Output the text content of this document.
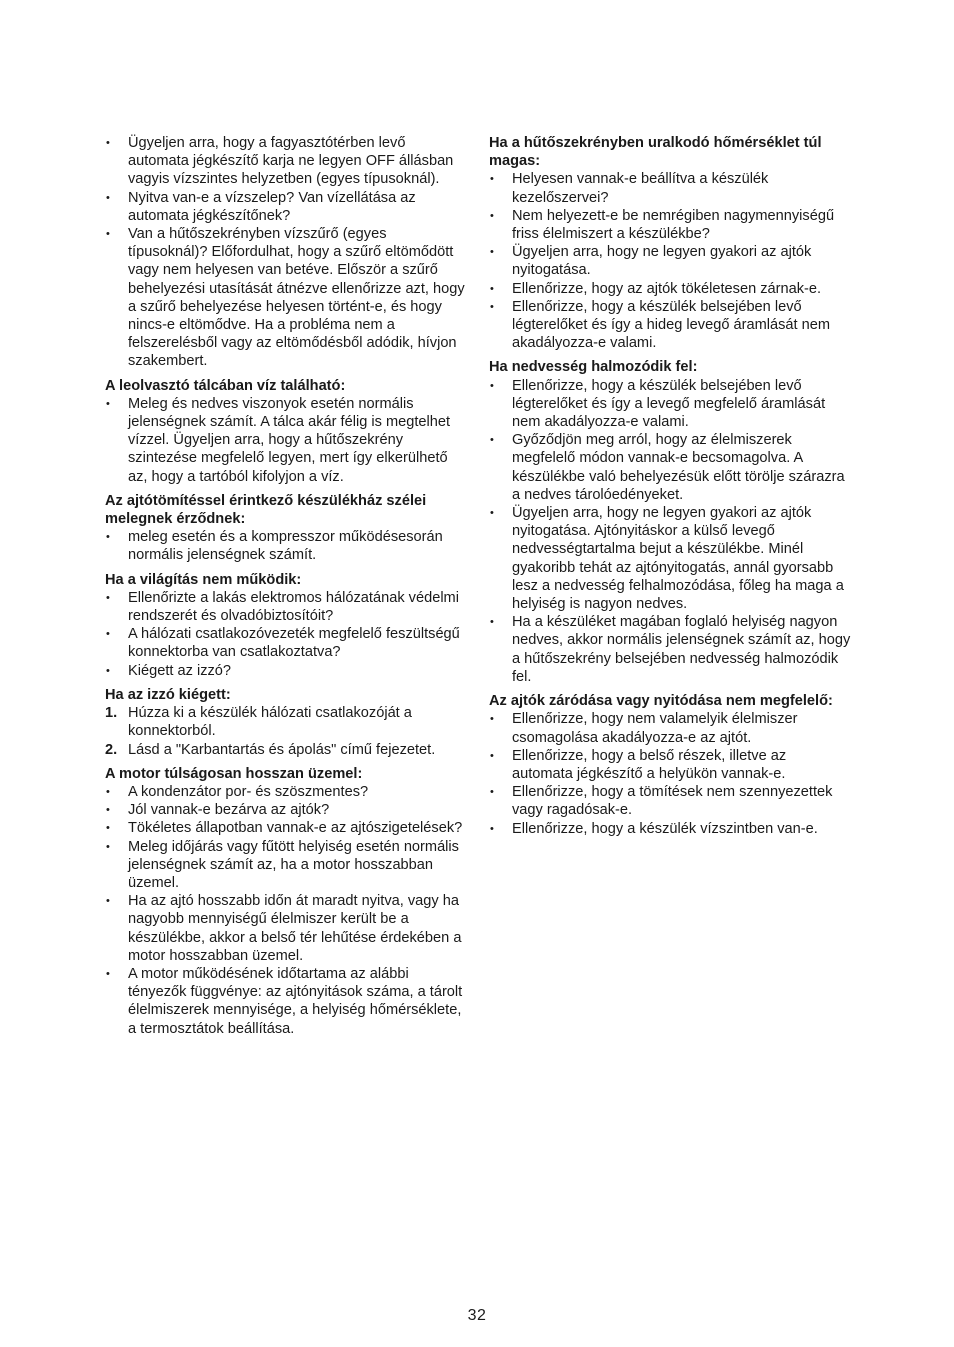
• Ügyeljen arra, hogy a fagyasztótérben levő automata jégkészítő karja ne legyen OFF állásban vagyis vízszintes helyzetben (egyes típusoknál).
• Nyitva van-e a vízszelep? Van vízellátása az automata jégkészítőnek?
• Van a hűtőszekrényben vízszűrő (egyes típusoknál)? Előfordulhat, hogy a szűrő eltömődött vagy nem helyesen van betéve. Először a szűrő behelyezési utasítását átnézve ellenőrizze azt, hogy a szűrő behelyezése helyesen történt-e, és hogy nincs-e eltömődve. Ha a probléma nem a felszerelésből vagy az eltömődésből adódik, hívjon szakembert.

A leolvasztó tálcában víz található:

• Meleg és nedves viszonyok esetén normális jelenségnek számít. A tálca akár félig is megtelhet vízzel. Ügyeljen arra, hogy a hűtőszekrény szintezése megfelelő legyen, mert így elkerülhető az, hogy a tartóból kifolyjon a víz.

Az ajtótömítéssel érintkező készülékház szélei melegnek érződnek:

• meleg esetén és a kompresszor működésesorán normális jelenségnek számít.

Ha a világítás nem működik:

• Ellenőrizte a lakás elektromos hálózatának védelmi rendszerét és olvadóbiztosítóit?
• A hálózati csatlakozóvezeték megfelelő feszültségű konnektorba van csatlakoztatva?
• Kiégett az izzó?

Ha az izzó kiégett:

1. Húzza ki a készülék hálózati csatlakozóját a konnektorból.
2. Lásd a "Karbantartás és ápolás" című fejezetet.

A motor túlságosan hosszan üzemel:

• A kondenzátor por- és szöszmentes?
• Jól vannak-e bezárva az ajtók?
• Tökéletes állapotban vannak-e az ajtószigetelések?
• Meleg időjárás vagy fűtött helyiség esetén normális jelenségnek számít az, ha a motor hosszabban üzemel.
• Ha az ajtó hosszabb időn át maradt nyitva, vagy ha nagyobb mennyiségű élelmiszer került be a készülékbe, akkor a belső tér lehűtése érdekében a motor hosszabban üzemel.
• A motor működésének időtartama az alábbi tényezők függvénye: az ajtónyitások száma, a tárolt élelmiszerek mennyisége, a helyiség hőmérséklete, a termosztátok beállítása.

Ha a hűtőszekrényben uralkodó hőmérséklet túl magas:

• Helyesen vannak-e beállítva a készülék kezelőszervei?
• Nem helyezett-e be nemrégiben nagymennyiségű friss élelmiszert a készülékbe?
• Ügyeljen arra, hogy ne legyen gyakori az ajtók nyitogatása.
• Ellenőrizze, hogy az ajtók tökéletesen zárnak-e.
• Ellenőrizze, hogy a készülék belsejében levő légterelőket és így a hideg levegő áramlását nem akadályozza-e valami.

Ha nedvesség halmozódik fel:

• Ellenőrizze, hogy a készülék belsejében levő légterelőket és így a levegő megfelelő áramlását nem akadályozza-e valami.
• Győződjön meg arról, hogy az élelmiszerek megfelelő módon vannak-e becsomagolva. A készülékbe való behelyezésük előtt törölje szárazra a nedves tárolóedényeket.
• Ügyeljen arra, hogy ne legyen gyakori az ajtók nyitogatása. Ajtónyitáskor a külső levegő nedvességtartalma bejut a készülékbe. Minél gyakoribb tehát az ajtónyitogatás, annál gyorsabb lesz a nedvesség felhalmozódása, főleg ha maga a helyiség is nagyon nedves.
• Ha a készüléket magában foglaló helyiség nagyon nedves, akkor normális jelenségnek számít az, hogy a hűtőszekrény belsejében nedvesség halmozódik fel.

Az ajtók záródása vagy nyitódása nem megfelelő:

• Ellenőrizze, hogy nem valamelyik élelmiszer csomagolása akadályozza-e az ajtót.
• Ellenőrizze, hogy a belső részek, illetve az automata jégkészítő a helyükön vannak-e.
• Ellenőrizze, hogy a tömítések nem szennyezettek vagy ragadósak-e.
• Ellenőrizze, hogy a készülék vízszintben van-e.
32
